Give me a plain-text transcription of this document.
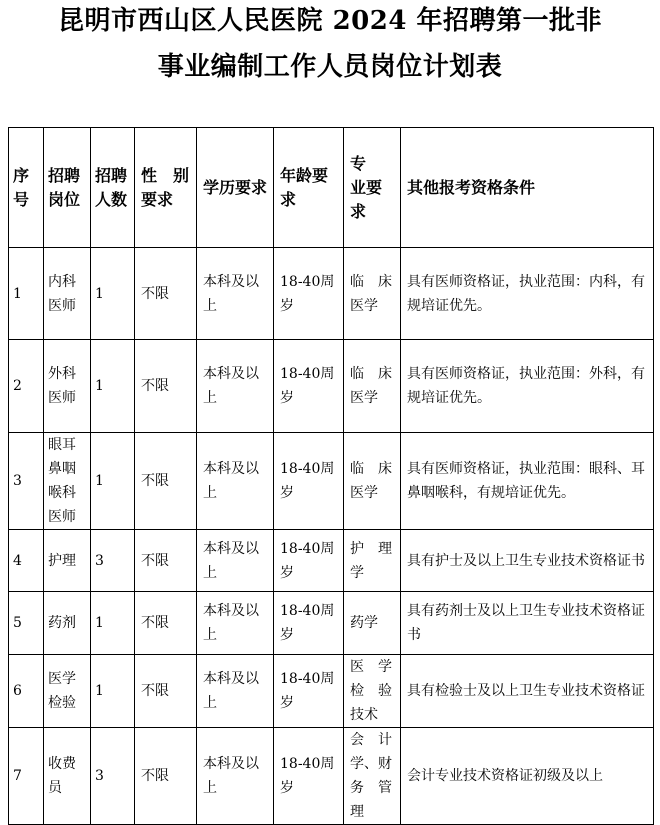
昆明市西山区人民医院 2024 年招聘第一批非
事业编制工作人员岗位计划表
序号	招聘岗位	招聘人数	性　别要求	学历要求	年龄要求	专　业要求	其他报考资格条件
1	内科医师	1	不限	本科及以上	18-40周岁	临　床医学	具有医师资格证，执业范围：内科，有规培证优先。
2	外科医师	1	不限	本科及以上	18-40周岁	临　床医学	具有医师资格证，执业范围：外科，有规培证优先。
3	眼耳鼻咽喉科医师	1	不限	本科及以上	18-40周岁	临　床医学	具有医师资格证，执业范围：眼科、耳鼻咽喉科，有规培证优先。
4	护理	3	不限	本科及以上	18-40周岁	护　理学	具有护士及以上卫生专业技术资格证书
5	药剂	1	不限	本科及以上	18-40周岁	药学	具有药剂士及以上卫生专业技术资格证书
6	医学检验	1	不限	本科及以上	18-40周岁	医　学检　验技术	具有检验士及以上卫生专业技术资格证
7	收费员	3	不限	本科及以上	18-40周岁	会　计学、财务　管理	会计专业技术资格证初级及以上
